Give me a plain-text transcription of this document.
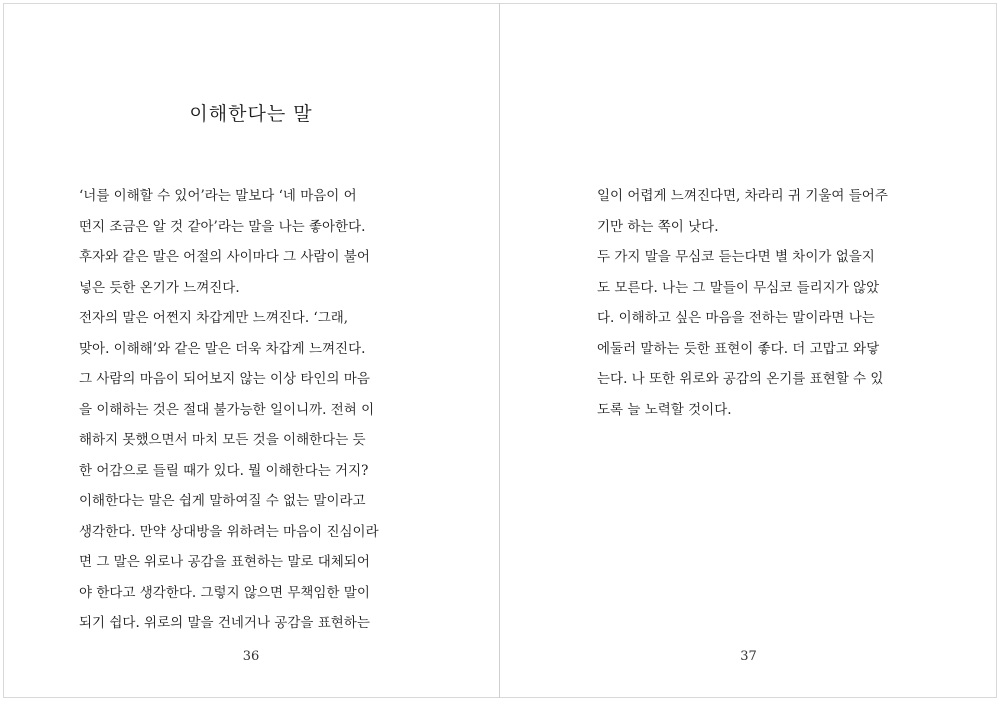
이해한다는 말
‘너를 이해할 수 있어’라는 말보다 ‘네 마음이 어
떤지 조금은 알 것 같아’라는 말을 나는 좋아한다.
후자와 같은 말은 어절의 사이마다 그 사람이 불어
넣은 듯한 온기가 느껴진다.
전자의 말은 어쩐지 차갑게만 느껴진다. ‘그래,
맞아. 이해해’와 같은 말은 더욱 차갑게 느껴진다.
그 사람의 마음이 되어보지 않는 이상 타인의 마음
을 이해하는 것은 절대 불가능한 일이니까. 전혀 이
해하지 못했으면서 마치 모든 것을 이해한다는 듯
한 어감으로 들릴 때가 있다. 뭘 이해한다는 거지?
이해한다는 말은 쉽게 말하여질 수 없는 말이라고
생각한다. 만약 상대방을 위하려는 마음이 진심이라
면 그 말은 위로나 공감을 표현하는 말로 대체되어
야 한다고 생각한다. 그렇지 않으면 무책임한 말이
되기 쉽다. 위로의 말을 건네거나 공감을 표현하는
36
일이 어렵게 느껴진다면, 차라리 귀 기울여 들어주
기만 하는 쪽이 낫다.
두 가지 말을 무심코 듣는다면 별 차이가 없을지
도 모른다. 나는 그 말들이 무심코 들리지가 않았
다. 이해하고 싶은 마음을 전하는 말이라면 나는
에둘러 말하는 듯한 표현이 좋다. 더 고맙고 와닿
는다. 나 또한 위로와 공감의 온기를 표현할 수 있
도록 늘 노력할 것이다.
37
